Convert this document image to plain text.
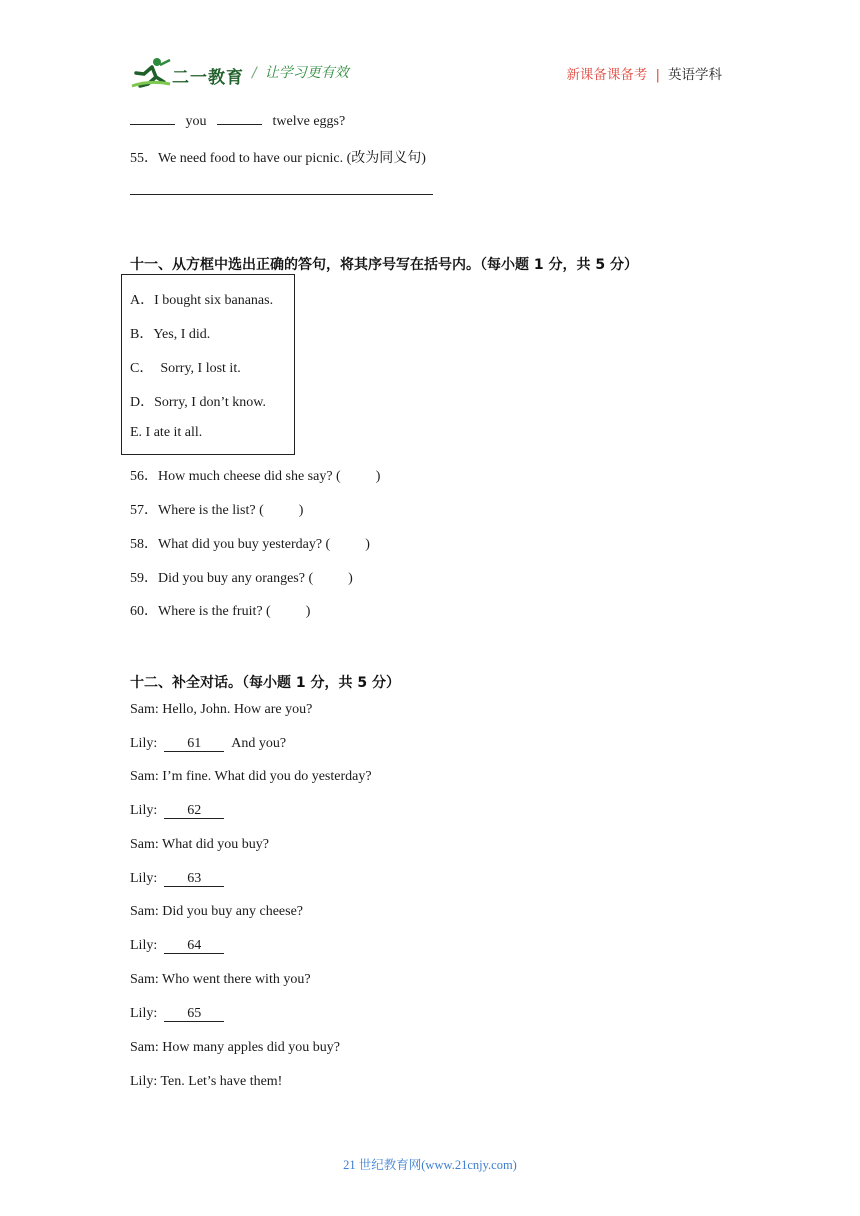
二一教育 / 让学习更有效	新课备课备考 | 英语学科
you	twelve eggs?
55．We need food to have our picnic. (改为同义句)
十一、从方框中选出正确的答句，将其序号写在括号内。（每小题 1 分，共 5 分）
A．I bought six bananas.
B．Yes, I did.
C．  Sorry, I lost it.
D．Sorry, I don’t know.
E. I ate it all.
56．How much cheese did she say? (          )
57．Where is the list? (          )
58．What did you buy yesterday? (          )
59．Did you buy any oranges? (          )
60．Where is the fruit? (          )
十二、补全对话。（每小题 1 分，共 5 分）
Sam: Hello, John. How are you?
Lily: 61 And you?
Sam: I’m fine. What did you do yesterday?
Lily: 62
Sam: What did you buy?
Lily: 63
Sam: Did you buy any cheese?
Lily: 64
Sam: Who went there with you?
Lily: 65
Sam: How many apples did you buy?
Lily: Ten. Let’s have them!
21 世纪教育网(www.21cnjy.com)
